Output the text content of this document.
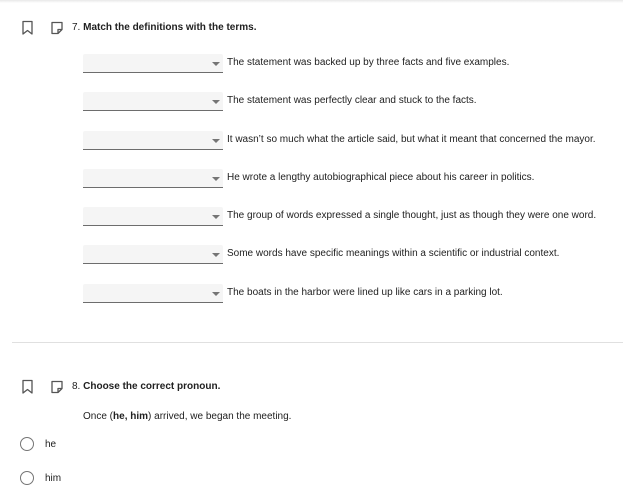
7. Match the definitions with the terms.
The statement was backed up by three facts and five examples.
The statement was perfectly clear and stuck to the facts.
It wasn’t so much what the article said, but what it meant that concerned the mayor.
He wrote a lengthy autobiographical piece about his career in politics.
The group of words expressed a single thought, just as though they were one word.
Some words have specific meanings within a scientific or industrial context.
The boats in the harbor were lined up like cars in a parking lot.
8. Choose the correct pronoun.
Once (he, him) arrived, we began the meeting.
he
him
